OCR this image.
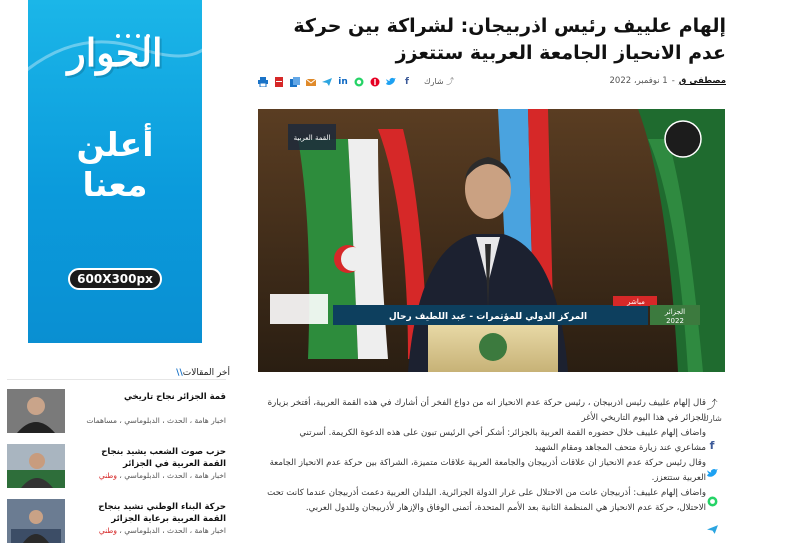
الحوار
أعلن
معنا
600X300px
أخر المقالات\\
قمة الجزائر نجاح تاريخي
اخبار هامة ، الحدث ، الدبلوماسي ، مساهمات
حزب صوت الشعب يشيد بنجاح القمة العربية في الجزائر
اخبار هامة ، الحدث ، الدبلوماسي ، وطني
حركة البناء الوطني تشيد بنجاح القمة العربية برعاية الجزائر
اخبار هامة ، الحدث ، الدبلوماسي ، وطني
إلهام علييف رئيس اذربيجان: لشراكة بين حركة عدم الانحياز الجامعة العربية ستتعزز
مصطفى ق
-
1 نوفمبر، 2022
in	f	شارك ⤴
القمة العربية
مباشر
المركز الدولي للمؤتمرات - عبد اللطيف رحال	الجزائر
2022

قال إلهام علييف رئيس اذربيجان ، رئيس حركة عدم الانحياز انه من دواع الفخر أن أشارك في هذه القمة العربية، أفتخر بزيارة الجزائر في هذا اليوم التاريخي الأغر

واضاف إلهام علييف خلال حضوره القمة العربية بالجزائر: أشكر أخي الرئيس تبون على هذه الدعوة الكريمة. أسرتني مشاعري عند زيارة متحف المجاهد ومقام الشهيد

وقال رئيس حركة عدم الانحياز ان علاقات أذربيجان والجامعة العربية علاقات متميزة، الشراكة بين حركة عدم الانحياز الجامعة العربية ستتعزز.

واضاف إلهام علييف: أذربيجان عانت من الاحتلال على غرار الدولة الجزائرية. البلدان العربية دعمت أذربيجان عندما كانت تحت الاحتلال، حركة عدم الانحياز هي المنظمة الثانية بعد الأمم المتحدة، أتمنى الوفاق والإزهار لأذربيجان وللدول العربي.

⤴
شارك
f
